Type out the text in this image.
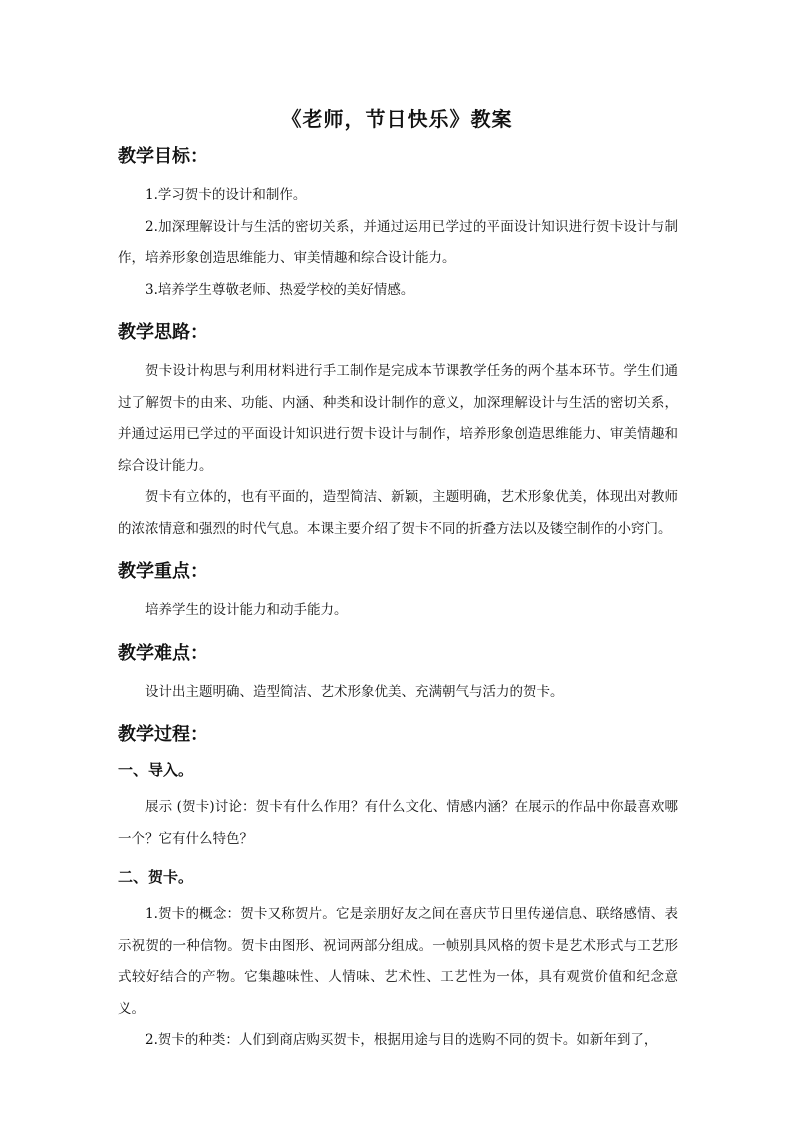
《老师，节日快乐》教案
教学目标：

1.学习贺卡的设计和制作。

2.加深理解设计与生活的密切关系，并通过运用已学过的平面设计知识进行贺卡设计与制作，培养形象创造思维能力、审美情趣和综合设计能力。

3.培养学生尊敬老师、热爱学校的美好情感。

教学思路：

贺卡设计构思与利用材料进行手工制作是完成本节课教学任务的两个基本环节。学生们通过了解贺卡的由来、功能、内涵、种类和设计制作的意义，加深理解设计与生活的密切关系，并通过运用已学过的平面设计知识进行贺卡设计与制作，培养形象创造思维能力、审美情趣和综合设计能力。

贺卡有立体的，也有平面的，造型简洁、新颖，主题明确，艺术形象优美，体现出对教师的浓浓情意和强烈的时代气息。本课主要介绍了贺卡不同的折叠方法以及镂空制作的小窍门。

教学重点：

培养学生的设计能力和动手能力。

教学难点：

设计出主题明确、造型简洁、艺术形象优美、充满朝气与活力的贺卡。

教学过程：
一、导入。

展示 (贺卡)讨论：贺卡有什么作用？有什么文化、情感内涵？在展示的作品中你最喜欢哪一个？它有什么特色？

二、贺卡。

1.贺卡的概念：贺卡又称贺片。它是亲朋好友之间在喜庆节日里传递信息、联络感情、表示祝贺的一种信物。贺卡由图形、祝词两部分组成。一帧别具风格的贺卡是艺术形式与工艺形式较好结合的产物。它集趣味性、人情味、艺术性、工艺性为一体，具有观赏价值和纪念意义。

2.贺卡的种类：人们到商店购买贺卡，根据用途与目的选购不同的贺卡。如新年到了，
